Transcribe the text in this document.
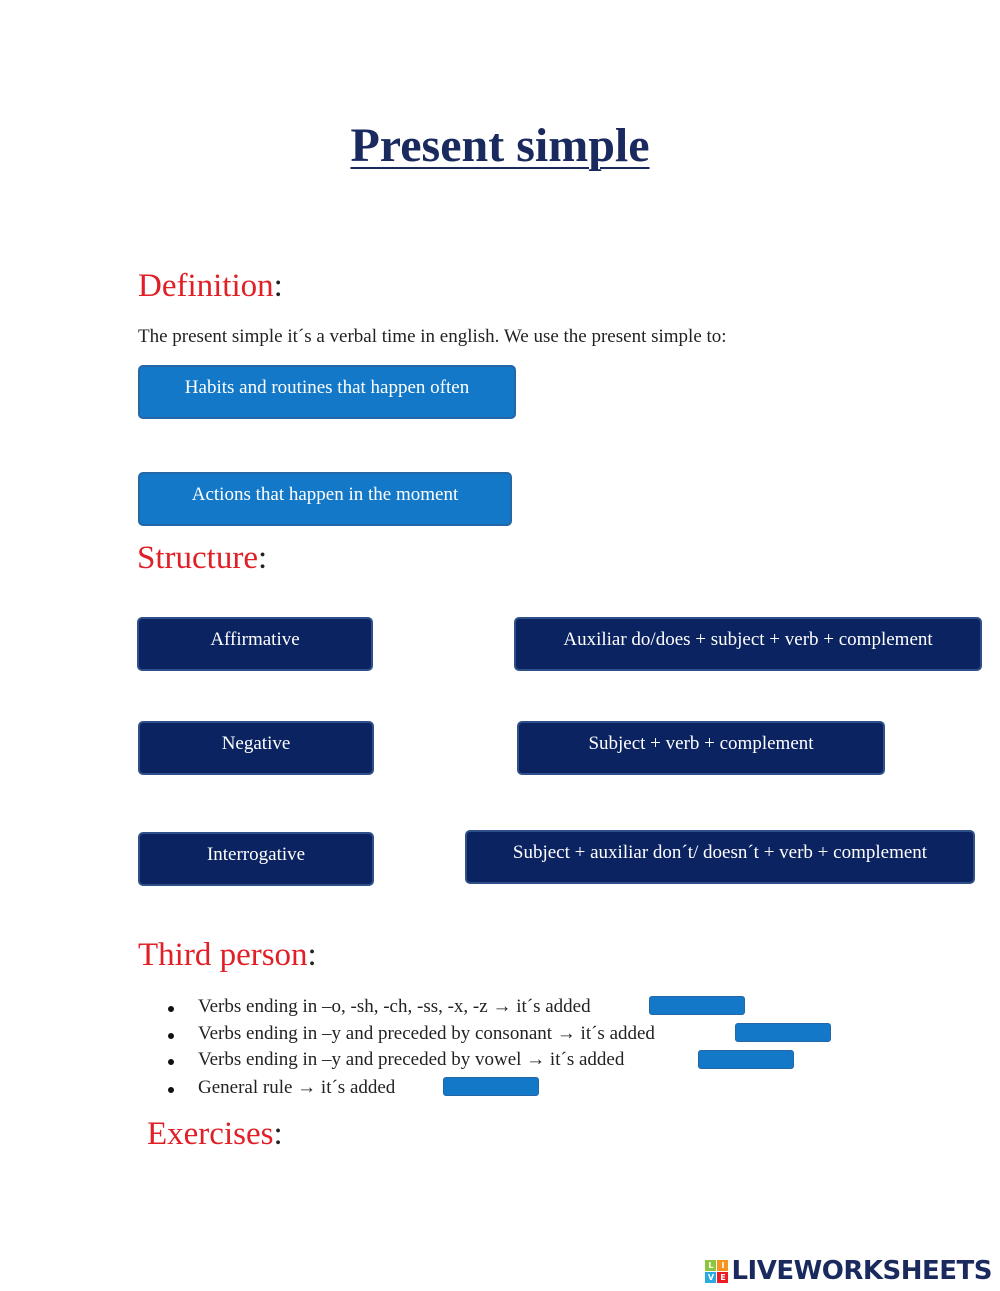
Present simple
Definition:
The present simple it´s a verbal time in english. We use the present simple to:
Habits and routines that happen often
Actions that happen in the moment
Structure:
Affirmative	Auxiliar do/does + subject + verb + complement
Negative	Subject + verb + complement
Interrogative	Subject + auxiliar don´t/ doesn´t + verb + complement
Third person:
Verbs ending in –o, -sh, -ch, -ss, -x, -z → it´s added
Verbs ending in –y and preceded by consonant → it´s added
Verbs ending in –y and preceded by vowel → it´s added
General rule → it´s added
Exercises:
L I
V E LIVEWORKSHEETS
